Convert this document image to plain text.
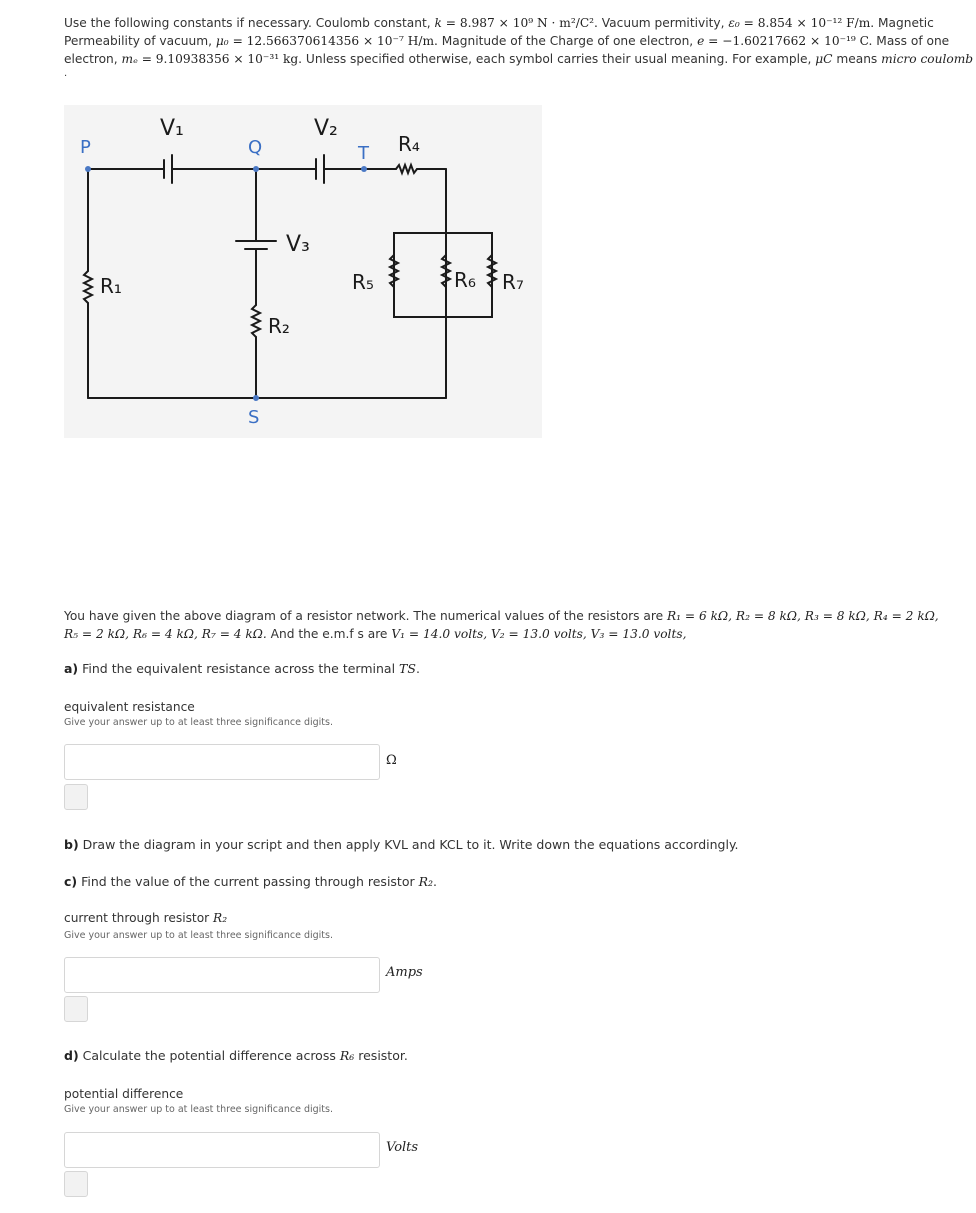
Use the following constants if necessary. Coulomb constant, k = 8.987 × 10⁹ N · m²/C². Vacuum permitivity, ε₀ = 8.854 × 10⁻¹² F/m. Magnetic
Permeability of vacuum, μ₀ = 12.566370614356 × 10⁻⁷ H/m. Magnitude of the Charge of one electron, e = −1.60217662 × 10⁻¹⁹ C. Mass of one
electron, mₑ = 9.10938356 × 10⁻³¹ kg. Unless specified otherwise, each symbol carries their usual meaning. For example, μC means micro coulomb
.
P	Q	T
S
V₁	V₂
V₃
R₁
R₂
R₄
R₅	R₆ R₇
You have given the above diagram of a resistor network. The numerical values of the resistors are R₁ = 6 kΩ, R₂ = 8 kΩ, R₃ = 8 kΩ, R₄ = 2 kΩ,
R₅ = 2 kΩ, R₆ = 4 kΩ, R₇ = 4 kΩ. And the e.m.f s are V₁ = 14.0 volts, V₂ = 13.0 volts, V₃ = 13.0 volts,
a) Find the equivalent resistance across the terminal TS.
equivalent resistance
Give your answer up to at least three significance digits.
Ω
b) Draw the diagram in your script and then apply KVL and KCL to it. Write down the equations accordingly.
c) Find the value of the current passing through resistor R₂.
current through resistor R₂
Give your answer up to at least three significance digits.
Amps
d) Calculate the potential difference across R₆ resistor.
potential difference
Give your answer up to at least three significance digits.
Volts
